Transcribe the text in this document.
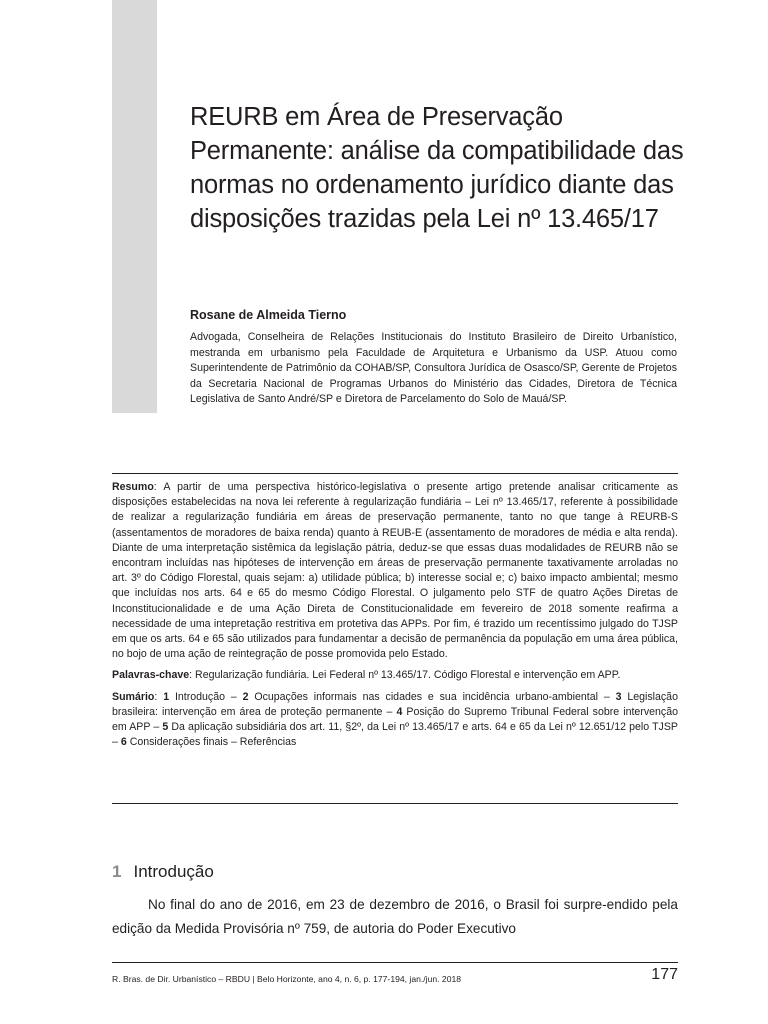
REURB em Área de Preservação Permanente: análise da compatibilidade das normas no ordenamento jurídico diante das disposições trazidas pela Lei nº 13.465/17

Rosane de Almeida Tierno

Advogada, Conselheira de Relações Institucionais do Instituto Brasileiro de Direito Urbanístico, mestranda em urbanismo pela Faculdade de Arquitetura e Urbanismo da USP. Atuou como Superintendente de Patrimônio da COHAB/SP, Consultora Jurídica de Osasco/SP, Gerente de Projetos da Secretaria Nacional de Programas Urbanos do Ministério das Cidades, Diretora de Técnica Legislativa de Santo André/SP e Diretora de Parcelamento do Solo de Mauá/SP.

Resumo: A partir de uma perspectiva histórico-legislativa o presente artigo pretende analisar criticamente as disposições estabelecidas na nova lei referente à regularização fundiária – Lei nº 13.465/17, referente à possibilidade de realizar a regularização fundiária em áreas de preservação permanente, tanto no que tange à REURB-S (assentamentos de moradores de baixa renda) quanto à REUB-E (assentamento de moradores de média e alta renda). Diante de uma interpretação sistêmica da legislação pátria, deduz-se que essas duas modalidades de REURB não se encontram incluídas nas hipóteses de intervenção em áreas de preservação permanente taxativamente arroladas no art. 3º do Código Florestal, quais sejam: a) utilidade pública; b) interesse social e; c) baixo impacto ambiental; mesmo que incluídas nos arts. 64 e 65 do mesmo Código Florestal. O julgamento pelo STF de quatro Ações Diretas de Inconstitucionalidade e de uma Ação Direta de Constitucionalidade em fevereiro de 2018 somente reafirma a necessidade de uma intepretação restritiva em protetiva das APPs. Por fim, é trazido um recentíssimo julgado do TJSP em que os arts. 64 e 65 são utilizados para fundamentar a decisão de permanência da população em uma área pública, no bojo de uma ação de reintegração de posse promovida pelo Estado.

Palavras-chave: Regularização fundiária. Lei Federal nº 13.465/17. Código Florestal e intervenção em APP.

Sumário: 1 Introdução – 2 Ocupações informais nas cidades e sua incidência urbano-ambiental – 3 Legislação brasileira: intervenção em área de proteção permanente – 4 Posição do Supremo Tribunal Federal sobre intervenção em APP – 5 Da aplicação subsidiária dos art. 11, §2º, da Lei nº 13.465/17 e arts. 64 e 65 da Lei nº 12.651/12 pelo TJSP – 6 Considerações finais – Referências

1 Introdução

No final do ano de 2016, em 23 de dezembro de 2016, o Brasil foi surpre-endido pela edição da Medida Provisória nº 759, de autoria do Poder Executivo

R. Bras. de Dir. Urbanístico – RBDU | Belo Horizonte, ano 4, n. 6, p. 177-194, jan./jun. 2018	177
